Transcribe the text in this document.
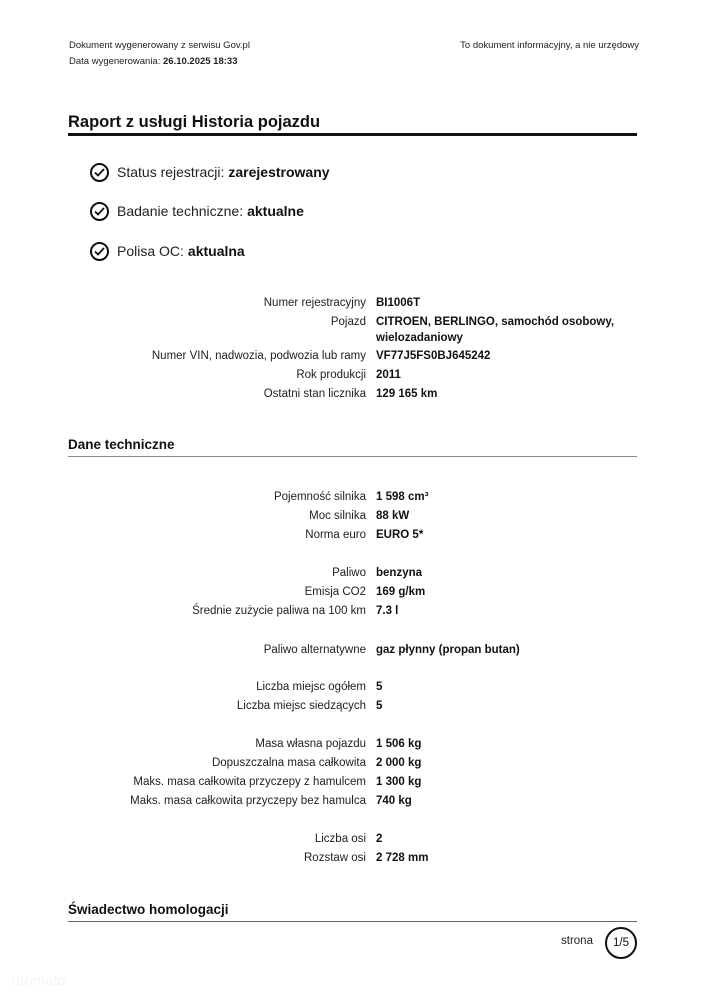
Dokument wygenerowany z serwisu Gov.pl
Data wygenerowania: 26.10.2025 18:33
To dokument informacyjny, a nie urzędowy
Raport z usługi Historia pojazdu
Status rejestracji: zarejestrowany
Badanie techniczne: aktualne
Polisa OC: aktualna
Numer rejestracyjny BI1006T
Pojazd CITROEN, BERLINGO, samochód osobowy, wielozadaniowy
Numer VIN, nadwozia, podwozia lub ramy VF77J5FS0BJ645242
Rok produkcji 2011
Ostatni stan licznika 129 165 km
Dane techniczne
Pojemność silnika 1 598 cm³
Moc silnika 88 kW
Norma euro EURO 5*
Paliwo benzyna
Emisja CO2 169 g/km
Średnie zużycie paliwa na 100 km 7.3 l
Paliwo alternatywne gaz płynny (propan butan)
Liczba miejsc ogółem 5
Liczba miejsc siedzących 5
Masa własna pojazdu 1 506 kg
Dopuszczalna masa całkowita 2 000 kg
Maks. masa całkowita przyczepy z hamulcem 1 300 kg
Maks. masa całkowita przyczepy bez hamulca 740 kg
Liczba osi 2
Rozstaw osi 2 728 mm
Świadectwo homologacji
strona 1/5
otomoto
